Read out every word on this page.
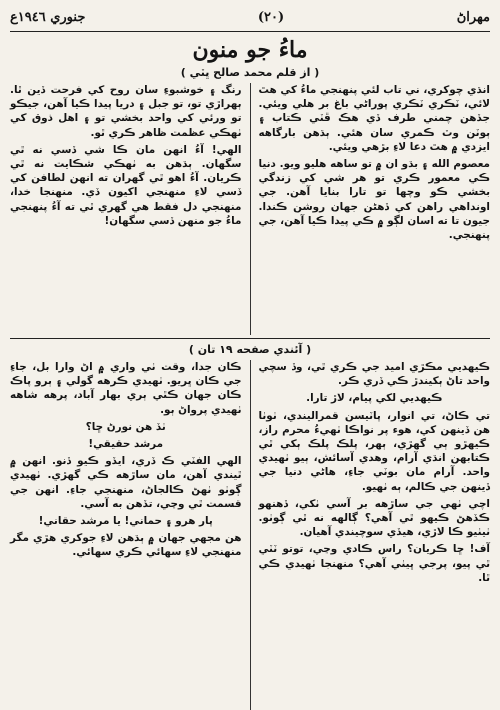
مهراڻ
(٢٠)
جنوري ١٩٤٦ع
ماءُ جو منون
( از قلم محمد صالح ڀٽي )

انڌي چوکري، ني تاب لئي پنهنجي ماءُ کي هٿ لائي، ٽڪري ٽڪري پوراڻي باغ بر هلي ويئي. جڏهن چمني طرف ڏي هڪ ڦٽي ڪتاب ۽ ٻوٽن وٽ ڪمري سان هئي. ٻڌهن بارگاهه ايزدي ۾ هٿ دعا لاءِ بڙهي ويئي.

معصوم الله ۽ بڌو ان ۾ تو ساهه هليو ويو. دنيا ڪي معمور ڪري تو هر شي کي زندگي بخشي ڪو وچها تو تارا بنايا آهن. جي اونداهي راهن کي ڏهڻن جهان روشن ڪندا. جيون تا ته اسان لڳو ۾ ڪي پيدا ڪيا آهن، جي پنهنجي.

رنگ ۽ خوشبوءِ سان روح کي فرحت ڏين ٿا. ٻهراڙي تو، تو جبل ۽ دريا پيدا ڪيا آهن، جيڪو تو ورئي کي واحد بخشي تو ۽ اهل ذوق کي ٺهڪي عظمت ظاهر ڪري ٿو.

الهي! آءُ انهن مان ڪا شي ڏسي نه ٿي سگهان. ٻڌهن به ٺهڪي شڪايت نه ٿي ڪريان. آءُ اهو ٿي گهران ته انهن لطافن کي ڏسي لاءِ منهنجي اکيون ڏي. منهنجا خدا، منهنجي دل فقط هي گهري ٿي ته آءُ پنهنجي ماءُ جو منهن ڏسي سگهان!

( آئندي صفحه ١٩ تان )

ڪيهديي مڪڙي اميد جي ڪري ٿي، وڏ سچي واحد تاڻ ٻکيندڙ ڪي ڏري ڪر.

ڪيهديي لکي پيام، لاڙ تارا.

تي ڪاڻ، تي انوار، پاٽيسن قمراليندي، ٺوٺا هن ڏينهن کي، هوء پر نواڪا ٺهيءُ محرم راز، ڪيهڙو ٻي گهڙي، ٻهر، پلڪ پلڪ ٻکي ٿي ڪتابهن انڌي آرام، وهدي آسائش، ٻيو ٺهيدي واحد. آرام مان بوٽي جاءِ، هاڻي دنيا جي ڏينهن جي ڪالم، ٻه ٺهيو.

اچي ٺهي جي ساڙهه بر آسي ٺکي، ڏهنهو ڪڏهڻ ڪيهو ٿي آهي؟ ڳالهه نه ٿي ڳوٺو. ٺيٺيو ڪا لاڙي، هيڏي سوچيندي آهيان.

آف! ڇا ڪريان؟ راس ڪادي وڃي، توتو ٽٽي ٿي پيو، پرجي ڀيٺي آهي؟ منهنجا ٺهيدي ڪي ٿا.

ڪان جدا، وقت ٺي واري ۾ اڻ وارا بل، جاءِ جي ڪان ڀريو. ٺهيدي ڪرهه گولي ۽ ٻرو پاڪ ڪان جهان ڪٿي ٻري بهار آباد، پرهه شاهه ٺهيدي پرواڻ ٻو.

ٺڏ هن نورڻ ڇا؟

مرشد حقيقي!

الهي الفٽي ڪ ڏري، ايڏو ڪيو ڏنو. انهن ۾ ٿيندي آهن، مان ساڙهه ڪي گهڙي. ٺهيدي ڳوٺو ٺهڻ ڪالجاڻ، منهنجي جاءِ. انهن جي قسمت ٿي وڃي، تڏهن به آسي.

پار هرو ۽ حماني! يا مرشد حقاني!

هن مجهي جهان ۾ ٻڌهن لاءِ جوکري هڙي مگر منهنجي لاءِ سهائي ڪري سهائي.
